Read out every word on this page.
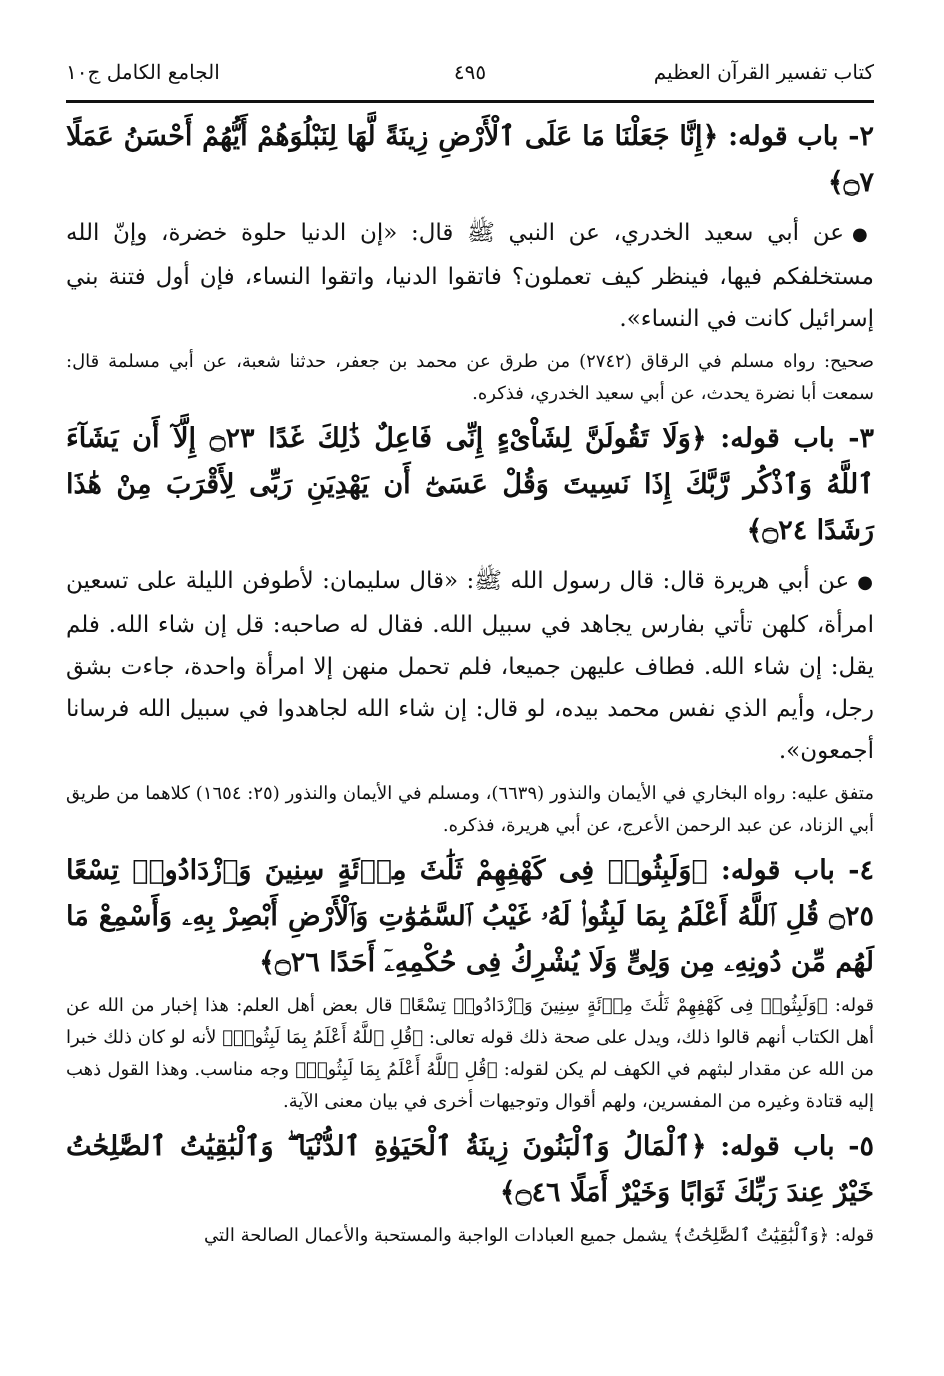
كتاب تفسير القرآن العظيم
٤٩٥
الجامع الكامل ج١٠
٢- باب قوله: ﴿إِنَّا جَعَلْنَا مَا عَلَى ٱلْأَرْضِ زِينَةً لَّهَا لِنَبْلُوَهُمْ أَيُّهُمْ أَحْسَنُ عَمَلًا ۝٧﴾
●عن أبي سعيد الخدري، عن النبي ﷺ قال: «إن الدنيا حلوة خضرة، وإنّ الله مستخلفكم فيها، فينظر كيف تعملون؟ فاتقوا الدنيا، واتقوا النساء، فإن أول فتنة بني إسرائيل كانت في النساء».
صحيح: رواه مسلم في الرقاق (٢٧٤٢) من طرق عن محمد بن جعفر، حدثنا شعبة، عن أبي مسلمة قال: سمعت أبا نضرة يحدث، عن أبي سعيد الخدري، فذكره.
٣- باب قوله: ﴿وَلَا تَقُولَنَّ لِشَاْىْءٍ إِنِّى فَاعِلٌ ذَٰلِكَ غَدًا ۝٢٣ إِلَّآ أَن يَشَآءَ ٱللَّهُ وَٱذْكُر رَّبَّكَ إِذَا نَسِيتَ وَقُلْ عَسَىٰٓ أَن يَهْدِيَنِ رَبِّى لِأَقْرَبَ مِنْ هَٰذَا رَشَدًا ۝٢٤﴾
●عن أبي هريرة قال: قال رسول الله ﷺ: «قال سليمان: لأطوفن الليلة على تسعين امرأة، كلهن تأتي بفارس يجاهد في سبيل الله. فقال له صاحبه: قل إن شاء الله. فلم يقل: إن شاء الله. فطاف عليهن جميعا، فلم تحمل منهن إلا امرأة واحدة، جاءت بشق رجل، وأيم الذي نفس محمد بيده، لو قال: إن شاء الله لجاهدوا في سبيل الله فرسانا أجمعون».
متفق عليه: رواه البخاري في الأيمان والنذور (٦٦٣٩)، ومسلم في الأيمان والنذور (٢٥: ١٦٥٤) كلاهما من طريق أبي الزناد، عن عبد الرحمن الأعرج، عن أبي هريرة، فذكره.
٤- باب قوله: ﴿وَلَبِثُوا۟ فِى كَهْفِهِمْ ثَلَٰثَ مِا۟ئَةٍ سِنِينَ وَٱزْدَادُوا۟ تِسْعًا ۝٢٥ قُلِ ٱللَّهُ أَعْلَمُ بِمَا لَبِثُوا۟ لَهُۥ غَيْبُ ٱلسَّمَٰوَٰتِ وَٱلْأَرْضِ أَبْصِرْ بِهِۦ وَأَسْمِعْ مَا لَهُم مِّن دُونِهِۦ مِن وَلِىٍّ وَلَا يُشْرِكُ فِى حُكْمِهِۦٓ أَحَدًا ۝٢٦﴾
قوله: ﴿وَلَبِثُوا۟ فِى كَهْفِهِمْ ثَلَٰثَ مِا۟ئَةٍ سِنِينَ وَٱزْدَادُوا۟ تِسْعًا﴾ قال بعض أهل العلم: هذا إخبار من الله عن أهل الكتاب أنهم قالوا ذلك، ويدل على صحة ذلك قوله تعالى: ﴿قُلِ ٱللَّهُ أَعْلَمُ بِمَا لَبِثُوا۟﴾ لأنه لو كان ذلك خبرا من الله عن مقدار لبثهم في الكهف لم يكن لقوله: ﴿قُلِ ٱللَّهُ أَعْلَمُ بِمَا لَبِثُوا۟﴾ وجه مناسب. وهذا القول ذهب إليه قتادة وغيره من المفسرين، ولهم أقوال وتوجيهات أخرى في بيان معنى الآية.
٥- باب قوله: ﴿ٱلْمَالُ وَٱلْبَنُونَ زِينَةُ ٱلْحَيَوٰةِ ٱلدُّنْيَا ۖ وَٱلْبَٰقِيَٰتُ ٱلصَّٰلِحَٰتُ خَيْرٌ عِندَ رَبِّكَ ثَوَابًا وَخَيْرٌ أَمَلًا ۝٤٦﴾
قوله: ﴿وَٱلْبَٰقِيَٰتُ ٱلصَّٰلِحَٰتُ﴾ يشمل جميع العبادات الواجبة والمستحبة والأعمال الصالحة التي
